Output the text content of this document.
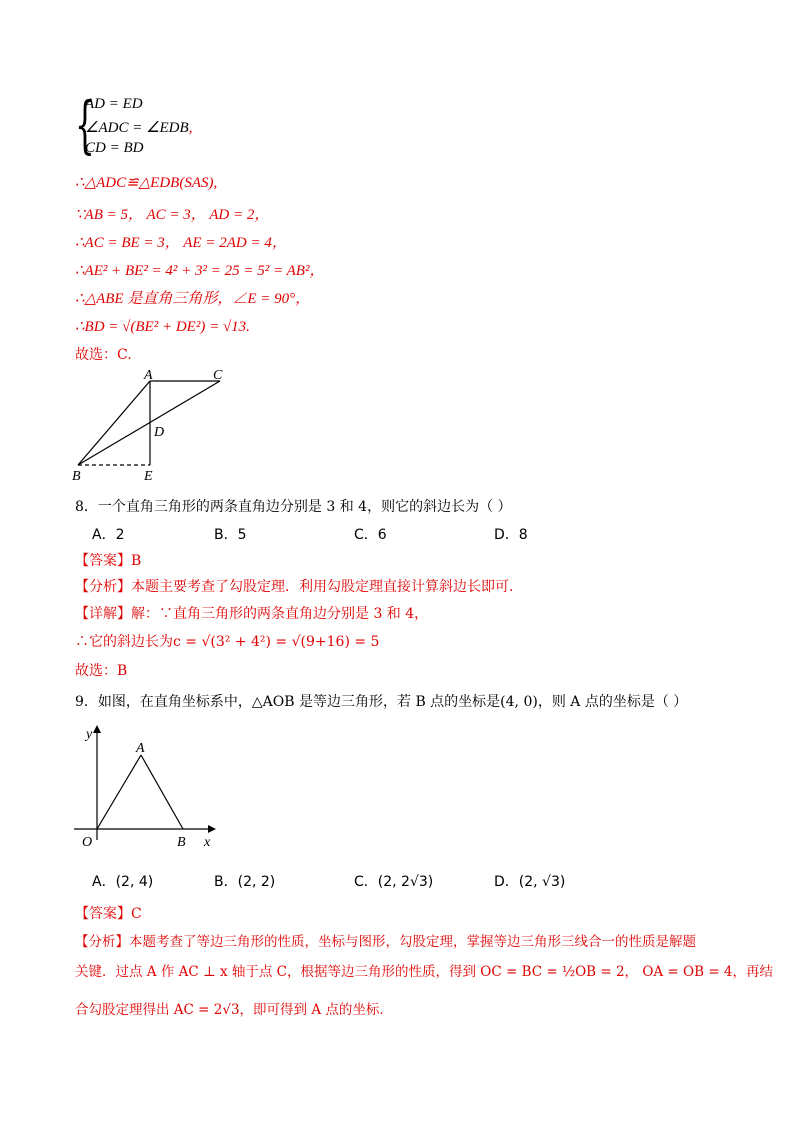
{
AD = ED
∠ADC = ∠EDB,
CD = BD
∴△ADC≌△EDB(SAS),
∵AB = 5， AC = 3， AD = 2，
∴AC = BE = 3， AE = 2AD = 4，
∴AE² + BE² = 4² + 3² = 25 = 5² = AB²，
∴△ABE 是直角三角形，∠E = 90°，
∴BD = √(BE² + DE²) = √13.
故选：C.
A	C
D
B	E
8．一个直角三角形的两条直角边分别是 3 和 4，则它的斜边长为（ ）
A．2	B．5	C．6	D．8
【答案】B
【分析】本题主要考查了勾股定理．利用勾股定理直接计算斜边长即可．
【详解】解：∵直角三角形的两条直角边分别是 3 和 4，
∴它的斜边长为c = √(3² + 4²) = √(9+16) = 5
故选：B
9．如图，在直角坐标系中，△AOB 是等边三角形，若 B 点的坐标是(4, 0)，则 A 点的坐标是（ ）
y
A
O	B x
A．(2, 4)	B．(2, 2)	C．(2, 2√3)	D．(2, √3)
【答案】C
【分析】本题考查了等边三角形的性质，坐标与图形，勾股定理，掌握等边三角形三线合一的性质是解题
关键．过点 A 作 AC ⊥ x 轴于点 C，根据等边三角形的性质，得到 OC = BC = ½OB = 2， OA = OB = 4，再结
合勾股定理得出 AC = 2√3，即可得到 A 点的坐标．
